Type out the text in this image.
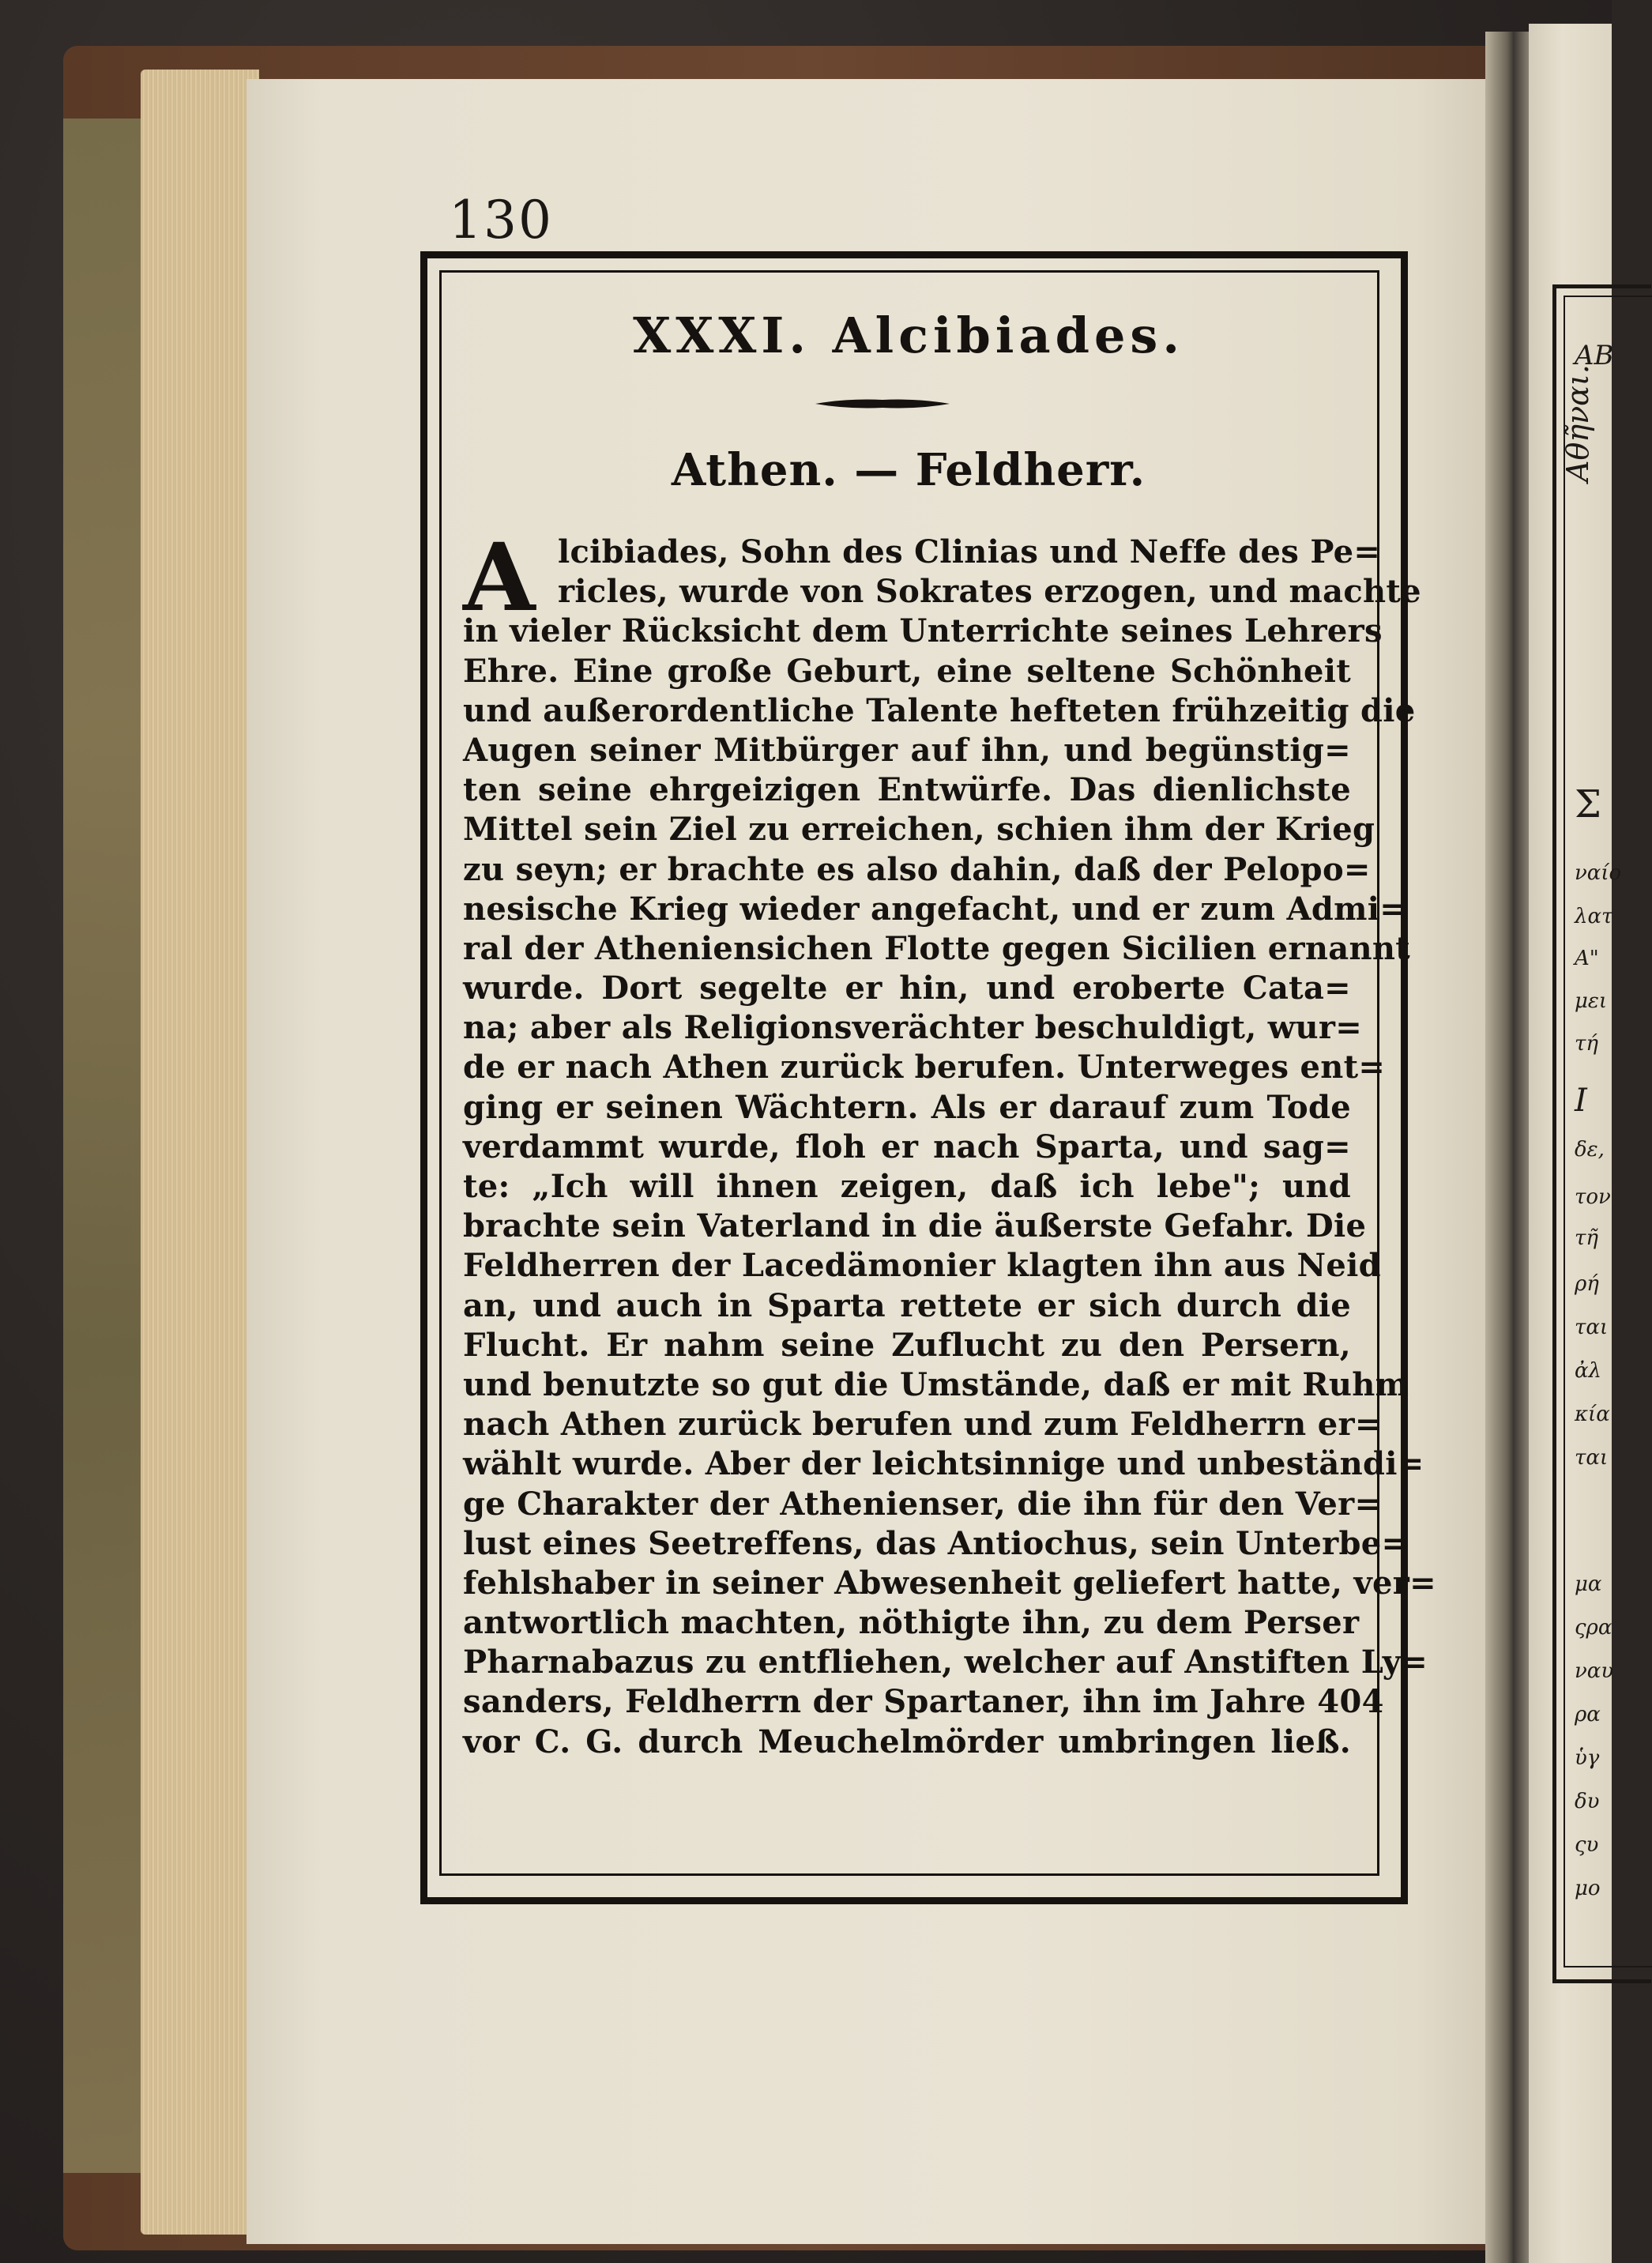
130
XXXI. Alcibiades.
Athen. — Feldherr.
A lcibiades, Sohn des Clinias und Neffe des Pe=
ricles, wurde von Sokrates erzogen, und machte
in vieler Rücksicht dem Unterrichte seines Lehrers
Ehre. Eine große Geburt, eine seltene Schönheit
und außerordentliche Talente hefteten frühzeitig die
Augen seiner Mitbürger auf ihn, und begünstig=
ten seine ehrgeizigen Entwürfe. Das dienlichste
Mittel sein Ziel zu erreichen, schien ihm der Krieg
zu seyn; er brachte es also dahin, daß der Pelopo=
nesische Krieg wieder angefacht, und er zum Admi=
ral der Atheniensichen Flotte gegen Sicilien ernannt
wurde. Dort segelte er hin, und eroberte Cata=
na; aber als Religionsverächter beschuldigt, wur=
de er nach Athen zurück berufen. Unterweges ent=
ging er seinen Wächtern. Als er darauf zum Tode
verdammt wurde, floh er nach Sparta, und sag=
te: „Ich will ihnen zeigen, daß ich lebe"; und
brachte sein Vaterland in die äußerste Gefahr. Die
Feldherren der Lacedämonier klagten ihn aus Neid
an, und auch in Sparta rettete er sich durch die
Flucht. Er nahm seine Zuflucht zu den Persern,
und benutzte so gut die Umstände, daß er mit Ruhm
nach Athen zurück berufen und zum Feldherrn er=
wählt wurde. Aber der leichtsinnige und unbeständi=
ge Charakter der Athenienser, die ihn für den Ver=
lust eines Seetreffens, das Antiochus, sein Unterbe=
fehlshaber in seiner Abwesenheit geliefert hatte, ver=
antwortlich machten, nöthigte ihn, zu dem Perser
Pharnabazus zu entfliehen, welcher auf Anstiften Ly=
sanders, Feldherrn der Spartaner, ihn im Jahre 404
vor C. G. durch Meuchelmörder umbringen ließ.
ΑΒ
Αθῆναι.
Σ
ναίο
λατ
Α"
μει
τή
Ι
δε,
τον
τῆ
ρή
ται
ἀλ
κία
ται
μα
ςρα
ναυ
ρα
ὑγ
δυ
ςυ
μο
